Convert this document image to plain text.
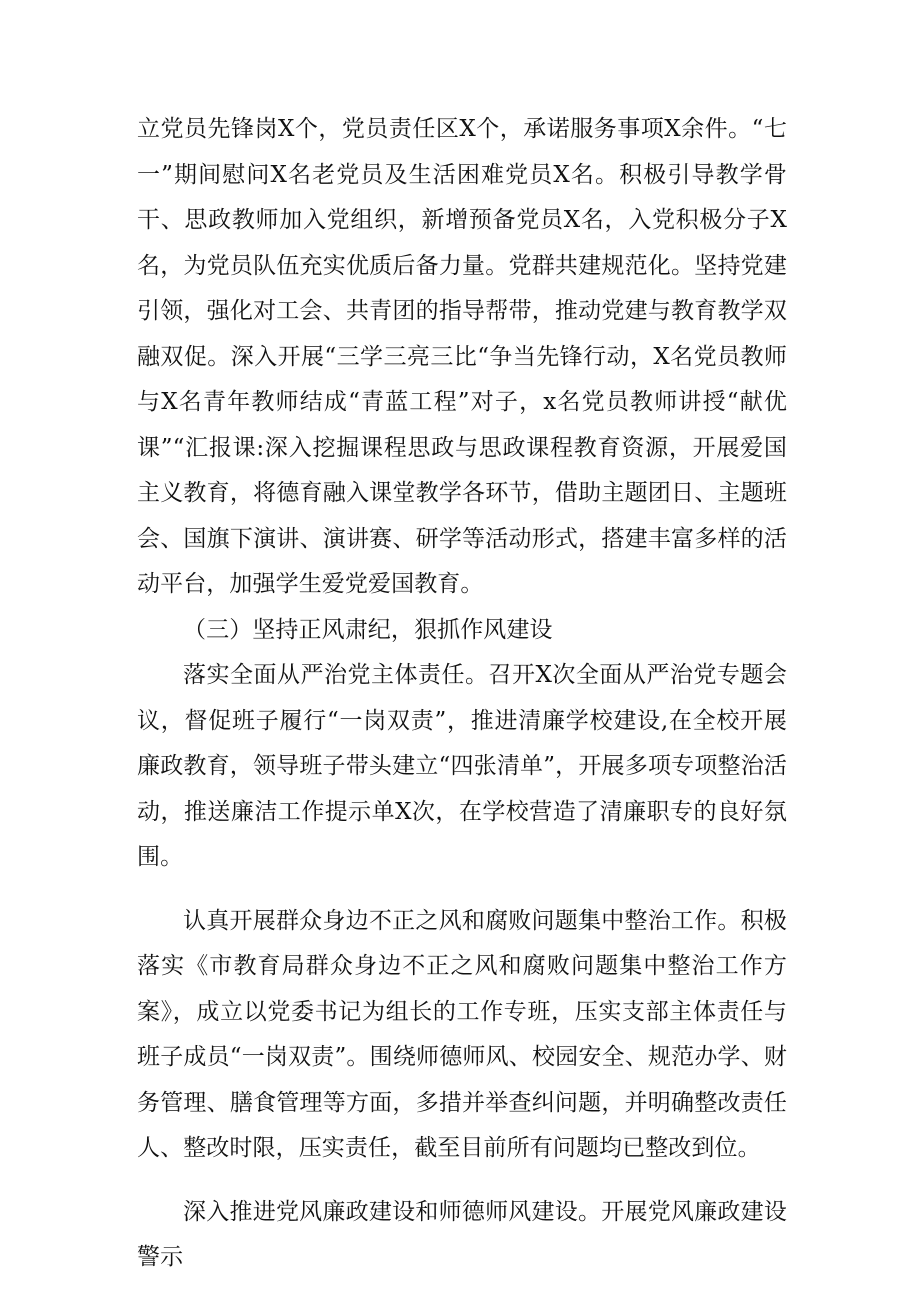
立党员先锋岗X个，党员责任区X个，承诺服务事项X余件。“七一”期间慰问X名老党员及生活困难党员X名。积极引导教学骨干、思政教师加入党组织，新增预备党员X名，入党积极分子X名，为党员队伍充实优质后备力量。党群共建规范化。坚持党建引领，强化对工会、共青团的指导帮带，推动党建与教育教学双融双促。深入开展“三学三亮三比“争当先锋行动，X名党员教师与X名青年教师结成“青蓝工程”对子，x名党员教师讲授“献优课”“汇报课:深入挖掘课程思政与思政课程教育资源，开展爱国主义教育，将德育融入课堂教学各环节，借助主题团日、主题班会、国旗下演讲、演讲赛、研学等活动形式，搭建丰富多样的活动平台，加强学生爱党爱国教育。

（三）坚持正风肃纪，狠抓作风建设

落实全面从严治党主体责任。召开X次全面从严治党专题会议，督促班子履行“一岗双责”，推进清廉学校建设,在全校开展廉政教育，领导班子带头建立“四张清单”，开展多项专项整治活动，推送廉洁工作提示单X次，在学校营造了清廉职专的良好氛围。

认真开展群众身边不正之风和腐败问题集中整治工作。积极落实《市教育局群众身边不正之风和腐败问题集中整治工作方案》，成立以党委书记为组长的工作专班，压实支部主体责任与班子成员“一岗双责”。围绕师德师风、校园安全、规范办学、财务管理、膳食管理等方面，多措并举查纠问题，并明确整改责任人、整改时限，压实责任，截至目前所有问题均已整改到位。

深入推进党风廉政建设和师德师风建设。开展党风廉政建设警示
